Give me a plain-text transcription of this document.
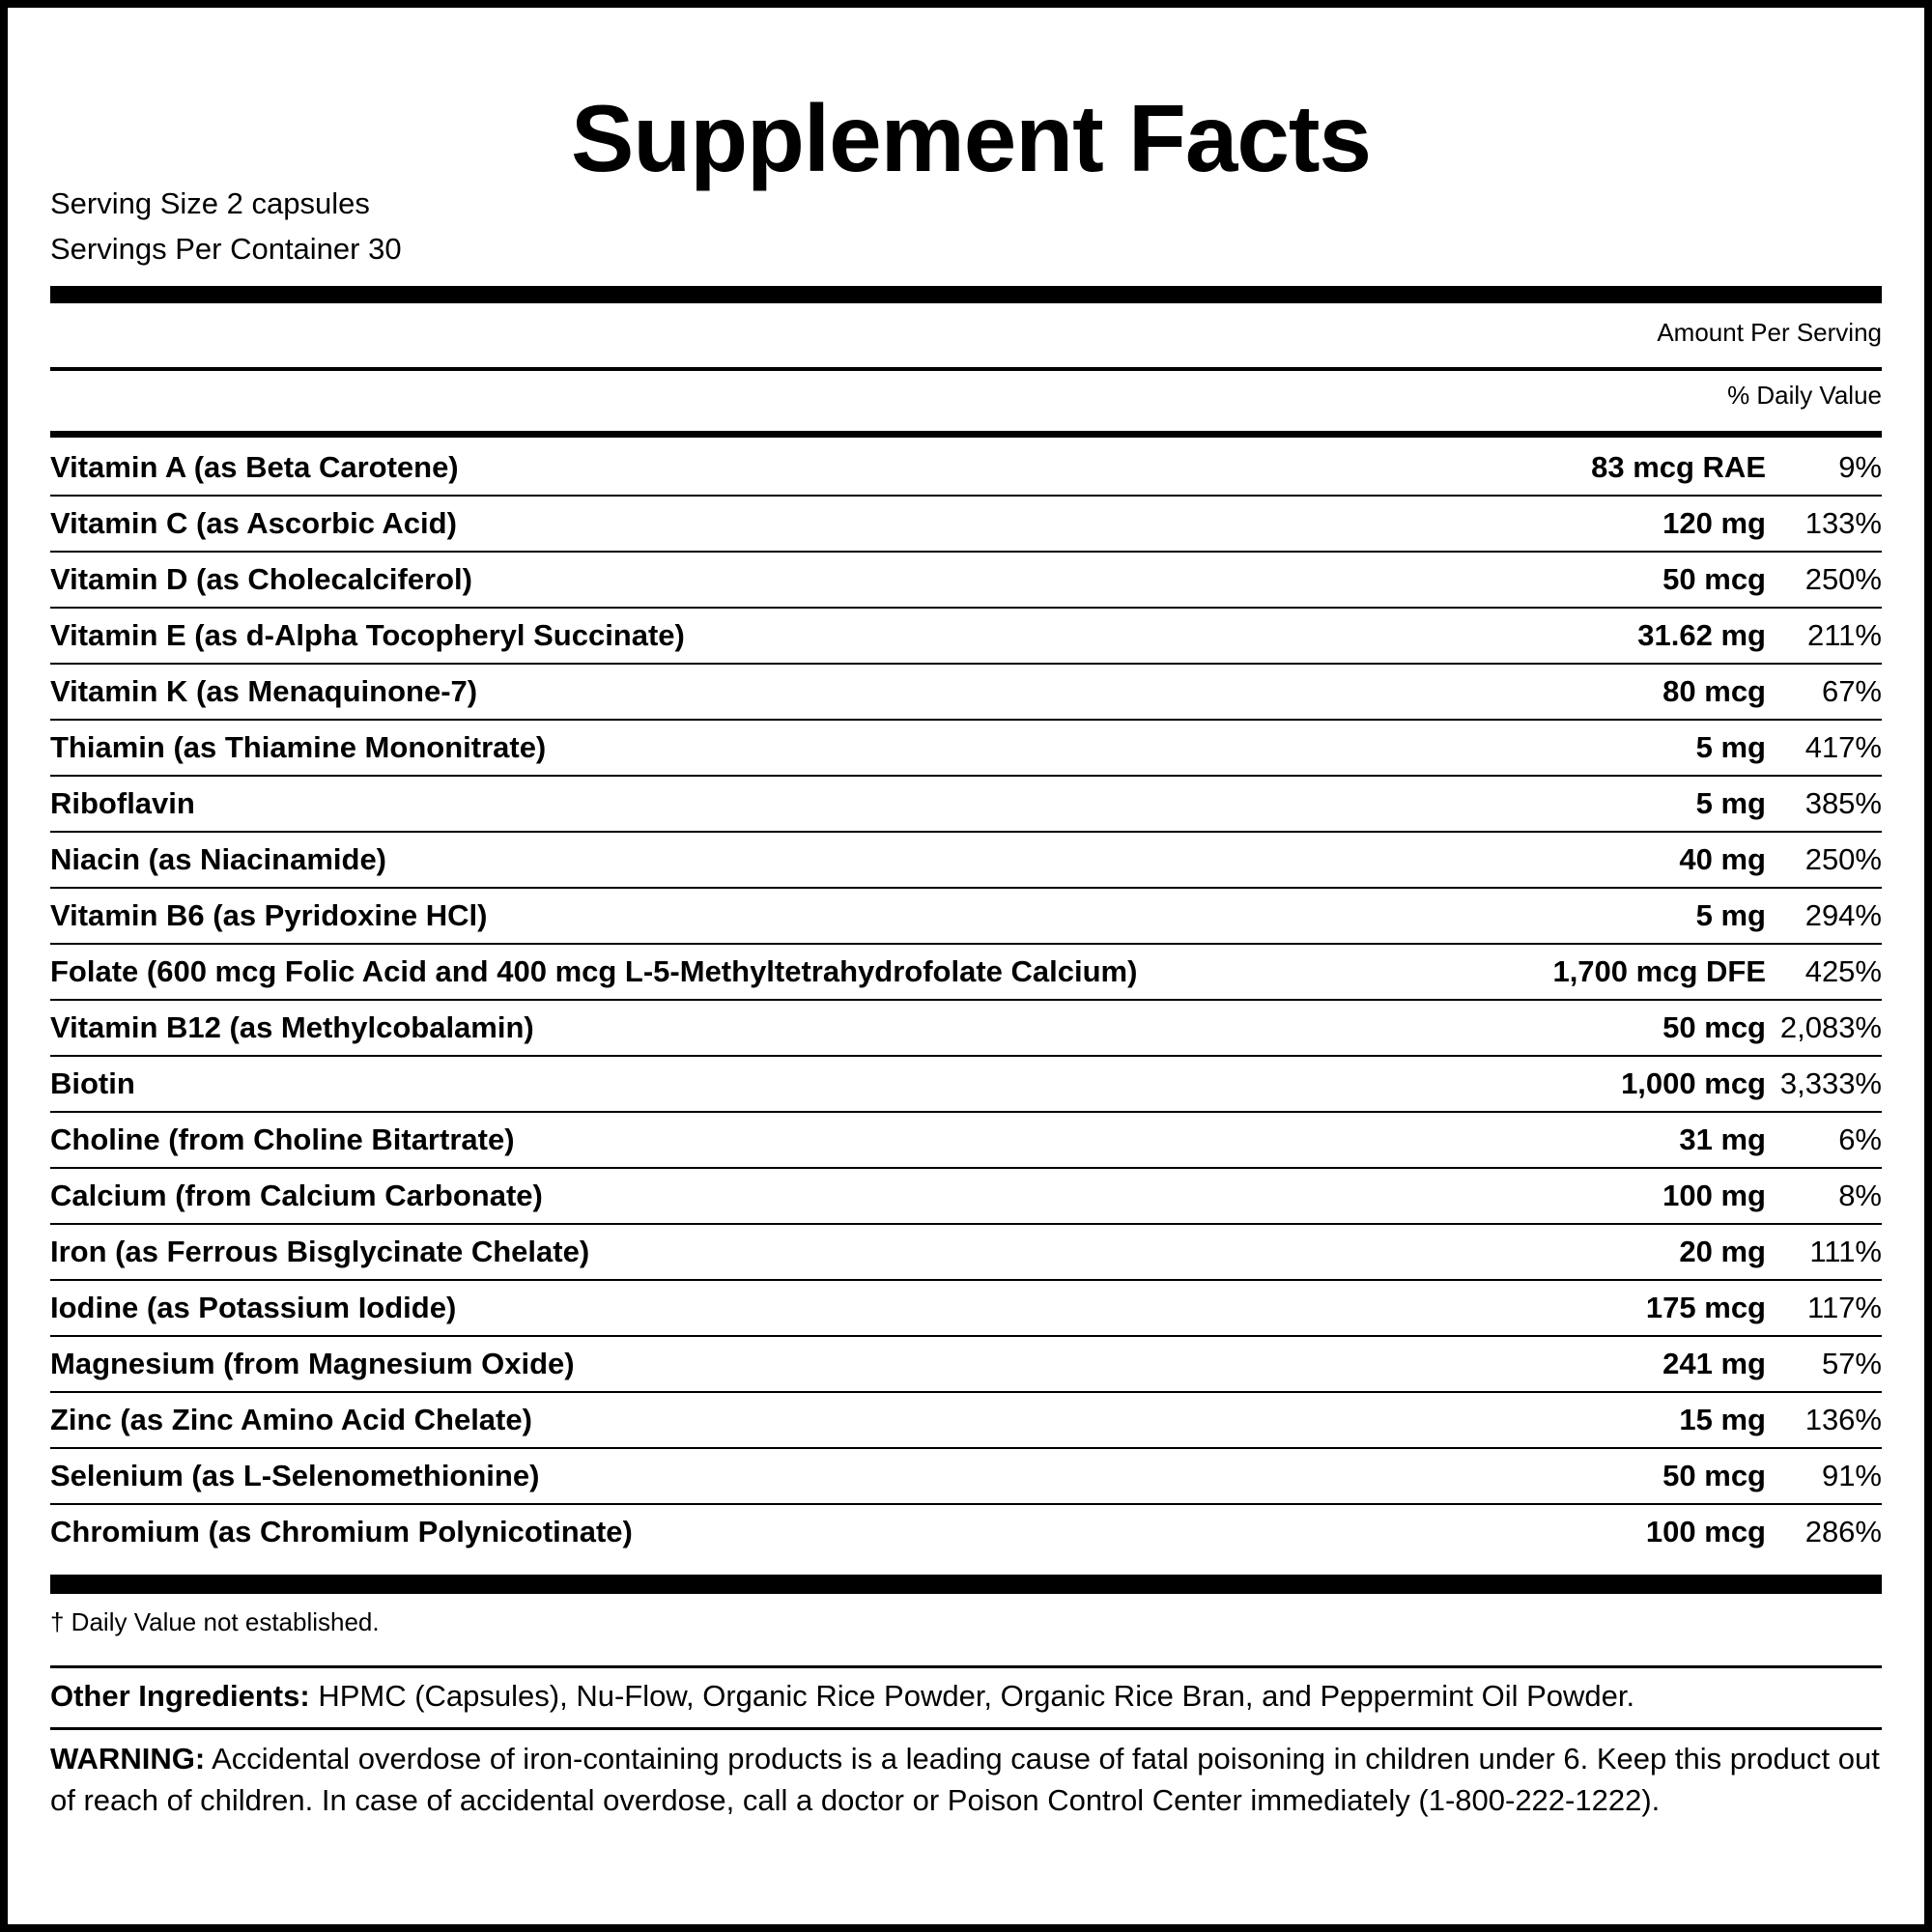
Supplement Facts
Serving Size 2 capsules
Servings Per Container 30
Amount Per Serving
% Daily Value
Vitamin A (as Beta Carotene)	83 mcg RAE	9%
Vitamin C (as Ascorbic Acid)	120 mg	133%
Vitamin D (as Cholecalciferol)	50 mcg	250%
Vitamin E (as d-Alpha Tocopheryl Succinate)	31.62 mg	211%
Vitamin K (as Menaquinone-7)	80 mcg	67%
Thiamin (as Thiamine Mononitrate)	5 mg	417%
Riboflavin	5 mg	385%
Niacin (as Niacinamide)	40 mg	250%
Vitamin B6 (as Pyridoxine HCl)	5 mg	294%
Folate (600 mcg Folic Acid and 400 mcg L-5-Methyltetrahydrofolate Calcium)	1,700 mcg DFE	425%
Vitamin B12 (as Methylcobalamin)	50 mcg 2,083%
Biotin	1,000 mcg 3,333%
Choline (from Choline Bitartrate)	31 mg	6%
Calcium (from Calcium Carbonate)	100 mg	8%
Iron (as Ferrous Bisglycinate Chelate)	20 mg	111%
Iodine (as Potassium Iodide)	175 mcg	117%
Magnesium (from Magnesium Oxide)	241 mg	57%
Zinc (as Zinc Amino Acid Chelate)	15 mg	136%
Selenium (as L-Selenomethionine)	50 mcg	91%
Chromium (as Chromium Polynicotinate)	100 mcg	286%
† Daily Value not established.
Other Ingredients: HPMC (Capsules), Nu-Flow, Organic Rice Powder, Organic Rice Bran, and Peppermint Oil Powder.
WARNING: Accidental overdose of iron-containing products is a leading cause of fatal poisoning in children under 6. Keep this product out of reach of children. In case of accidental overdose, call a doctor or Poison Control Center immediately (1-800-222-1222).
